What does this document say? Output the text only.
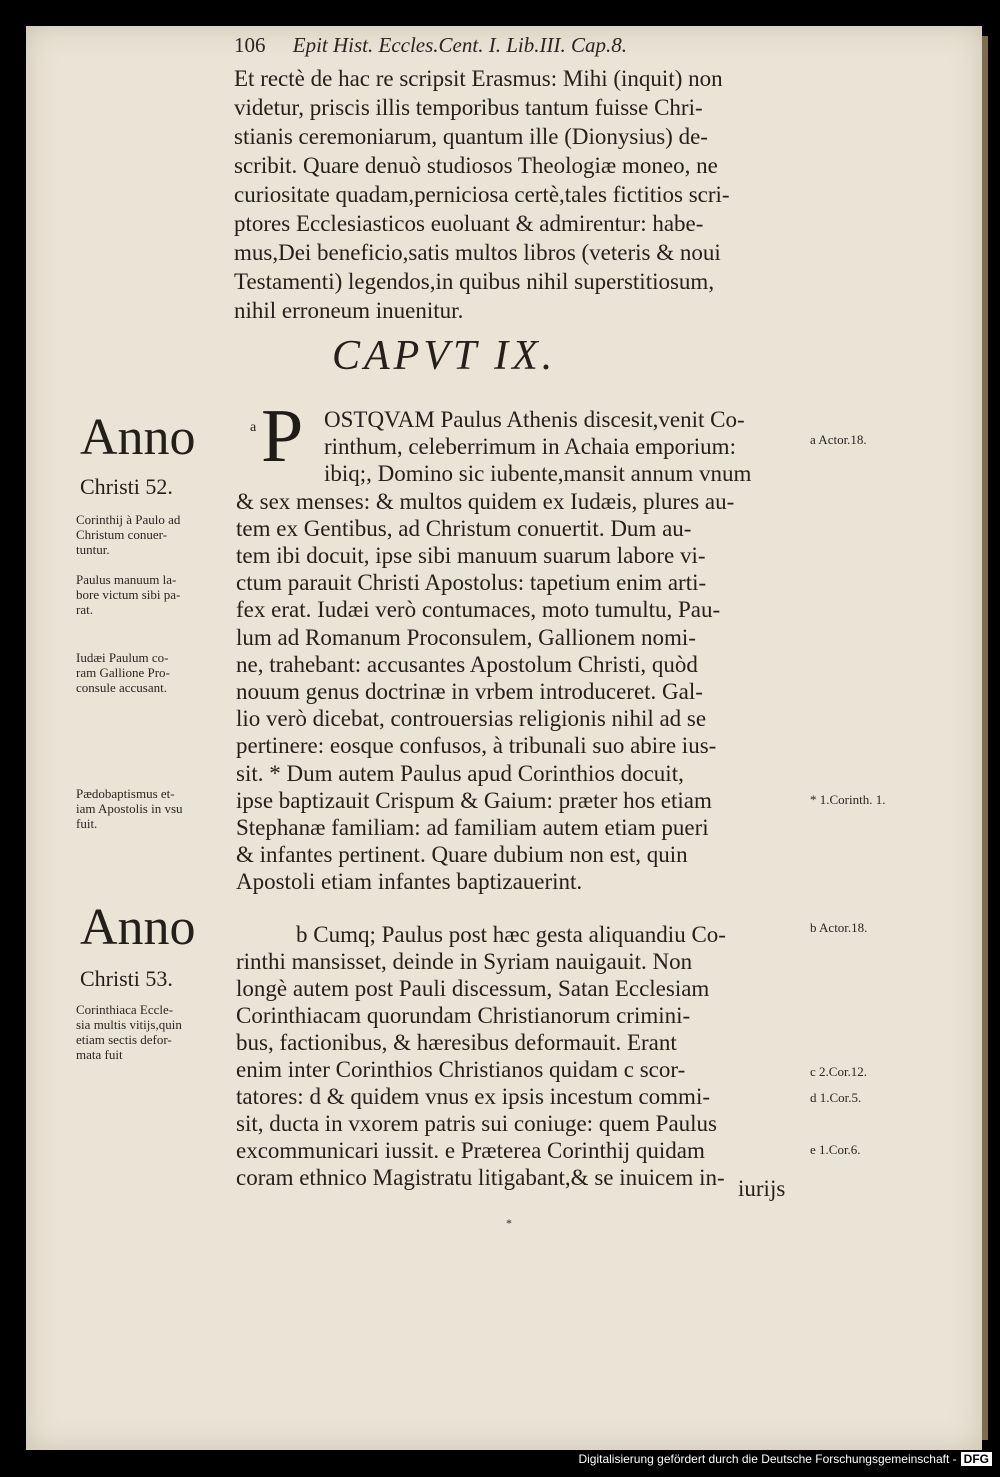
106 Epit Hist. Eccles.Cent. I. Lib.III. Cap.8.
Et rectè de hac re scripsit Erasmus: Mihi (inquit) non
videtur, priscis illis temporibus tantum fuisse Chri-
stianis ceremoniarum, quantum ille (Dionysius) de-
scribit. Quare denuò studiosos Theologiæ moneo, ne
curiositate quadam,perniciosa certè,tales fictitios scri-
ptores Ecclesiasticos euoluant & admirentur: habe-
mus,Dei beneficio,satis multos libros (veteris & noui
Testamenti) legendos,in quibus nihil superstitiosum,
nihil erroneum inuenitur.
CAPVT IX.
P
a	OSTQVAM Paulus Athenis discesit,venit Co-
rinthum, celeberrimum in Achaia emporium:
ibiq;, Domino sic iubente,mansit annum vnum
& sex menses: & multos quidem ex Iudæis, plures au-
tem ex Gentibus, ad Christum conuertit. Dum au-
tem ibi docuit, ipse sibi manuum suarum labore vi-
ctum parauit Christi Apostolus: tapetium enim arti-
fex erat. Iudæi verò contumaces, moto tumultu, Pau-
lum ad Romanum Proconsulem, Gallionem nomi-
ne, trahebant: accusantes Apostolum Christi, quòd
nouum genus doctrinæ in vrbem introduceret. Gal-
lio verò dicebat, controuersias religionis nihil ad se
pertinere: eosque confusos, à tribunali suo abire ius-
sit. * Dum autem Paulus apud Corinthios docuit,
ipse baptizauit Crispum & Gaium: præter hos etiam
Stephanæ familiam: ad familiam autem etiam pueri
& infantes pertinent. Quare dubium non est, quin
Apostoli etiam infantes baptizauerint.
b Cumq; Paulus post hæc gesta aliquandiu Co-
rinthi mansisset, deinde in Syriam nauigauit. Non
longè autem post Pauli discessum, Satan Ecclesiam
Corinthiacam quorundam Christianorum crimini-
bus, factionibus, & hæresibus deformauit. Erant
enim inter Corinthios Christianos quidam c scor-
tatores: d & quidem vnus ex ipsis incestum commi-
sit, ducta in vxorem patris sui coniuge: quem Paulus
excommunicari iussit. e Præterea Corinthij quidam
coram ethnico Magistratu litigabant,& se inuicem in- iurijs
*
Anno
Christi 52.
Corinthij à Paulo ad
Christum conuer-
tuntur.
Paulus manuum la-
bore victum sibi pa-
rat.
Iudæi Paulum co-
ram Gallione Pro-
consule accusant.
Pædobaptismus et-
iam Apostolis in vsu
fuit.
Anno
Christi 53.
Corinthiaca Eccle-
sia multis vitijs,quin
etiam sectis defor-
mata fuit
a Actor.18.
* 1.Corinth. 1.
b Actor.18.
c 2.Cor.12.
d 1.Cor.5.
e 1.Cor.6.
Digitalisierung gefördert durch die Deutsche Forschungsgemeinschaft - DFG
